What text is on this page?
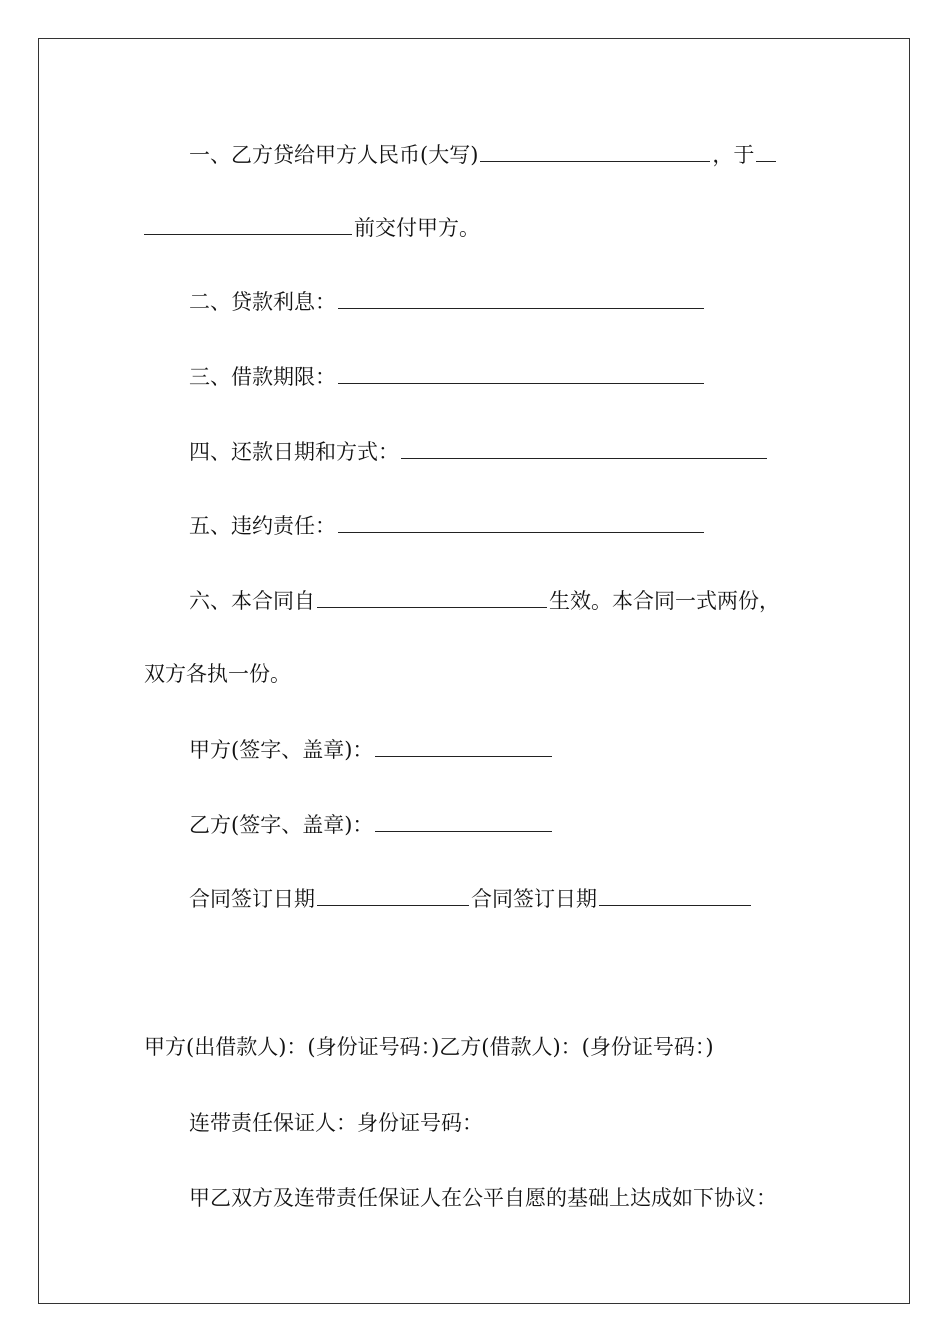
一、乙方贷给甲方人民币(大写)	，于
前交付甲方。
二、贷款利息：
三、借款期限：
四、还款日期和方式：
五、违约责任：
六、本合同自	生效。本合同一式两份，
双方各执一份。
甲方(签字、盖章)：
乙方(签字、盖章)：
合同签订日期	合同签订日期
甲方(出借款人)：(身份证号码：)乙方(借款人)：(身份证号码：)
连带责任保证人：身份证号码：
甲乙双方及连带责任保证人在公平自愿的基础上达成如下协议：
